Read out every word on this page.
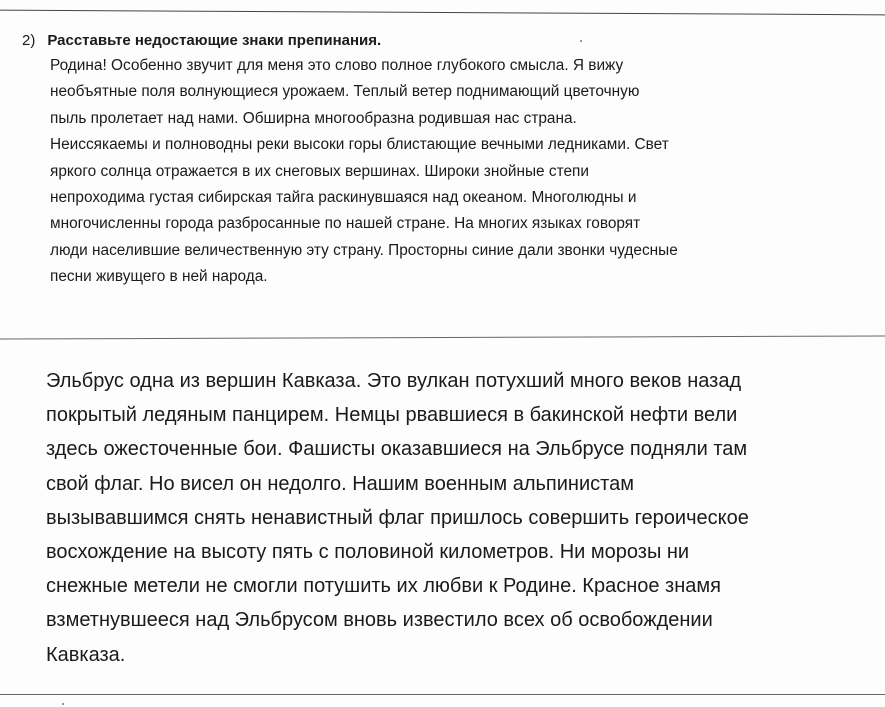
2) Расставьте недостающие знаки препинания.
Родина! Особенно звучит для меня это слово полное глубокого смысла. Я вижу
необъятные поля волнующиеся урожаем. Теплый ветер поднимающий цветочную
пыль пролетает над нами. Обширна многообразна родившая нас страна.
Неиссякаемы и полноводны реки высоки горы блистающие вечными ледниками. Свет
яркого солнца отражается в их снеговых вершинах. Широки знойные степи
непроходима густая сибирская тайга раскинувшаяся над океаном. Многолюдны и
многочисленны города разбросанные по нашей стране. На многих языках говорят
люди населившие величественную эту страну. Просторны синие дали звонки чудесные
песни живущего в ней народа.
Эльбрус одна из вершин Кавказа. Это вулкан потухший много веков назад
покрытый ледяным панцирем. Немцы рвавшиеся в бакинской нефти вели
здесь ожесточенные бои. Фашисты оказавшиеся на Эльбрусе подняли там
свой флаг. Но висел он недолго. Нашим военным альпинистам
вызывавшимся снять ненавистный флаг пришлось совершить героическое
восхождение на высоту пять с половиной километров. Ни морозы ни
снежные метели не смогли потушить их любви к Родине. Красное знамя
взметнувшееся над Эльбрусом вновь известило всех об освобождении
Кавказа.
